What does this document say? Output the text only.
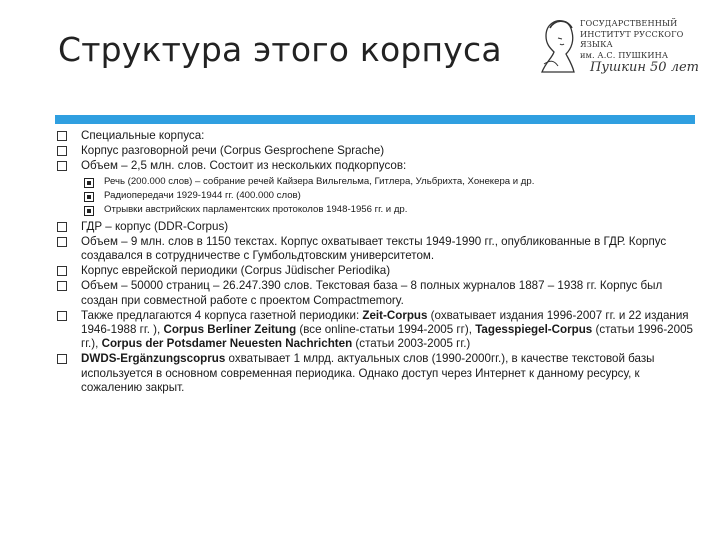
Структура этого корпуса
ГОСУДАРСТВЕННЫЙ
ИНСТИТУТ РУССКОГО ЯЗЫКА
им. А.С. ПУШКИНА
Пушкин 50 лет
Специальные корпуса:
Корпус разговорной речи (Corpus Gesprochene Sprache)
Объем – 2,5 млн. слов. Состоит из нескольких подкорпусов:
Речь (200.000 слов) – собрание речей Кайзера Вильгельма, Гитлера, Ульбрихта, Хонекера и др.
Радиопередачи 1929-1944 гг. (400.000 слов)
Отрывки австрийских парламентских протоколов 1948-1956 гг. и др.
ГДР – корпус (DDR-Corpus)
Объем – 9 млн. слов в 1150 текстах. Корпус охватывает тексты 1949-1990 гг., опубликованные в ГДР. Корпус создавался в сотрудничестве с Гумбольдтовским университетом.
Корпус еврейской периодики (Corpus Jüdischer Periodika)
Объем – 50000 страниц – 26.247.390 слов. Текстовая база – 8 полных журналов 1887 – 1938 гг. Корпус был создан при совместной работе с проектом Compactmemory.
Также предлагаются 4 корпуса газетной периодики: Zeit-Corpus (охватывает издания 1996-2007 гг. и 22 издания 1946-1988 гг. ), Corpus Berliner Zeitung (все online-статьи 1994-2005 гг), Tagesspiegel-Corpus (статьи 1996-2005 гг.), Corpus der Potsdamer Neuesten Nachrichten (статьи 2003-2005 гг.)
DWDS-Ergänzungscoprus охватывает 1 млрд. актуальных слов (1990-2000гг.), в качестве текстовой базы используется в основном современная периодика. Однако доступ через Интернет к данному ресурсу, к сожалению закрыт.
